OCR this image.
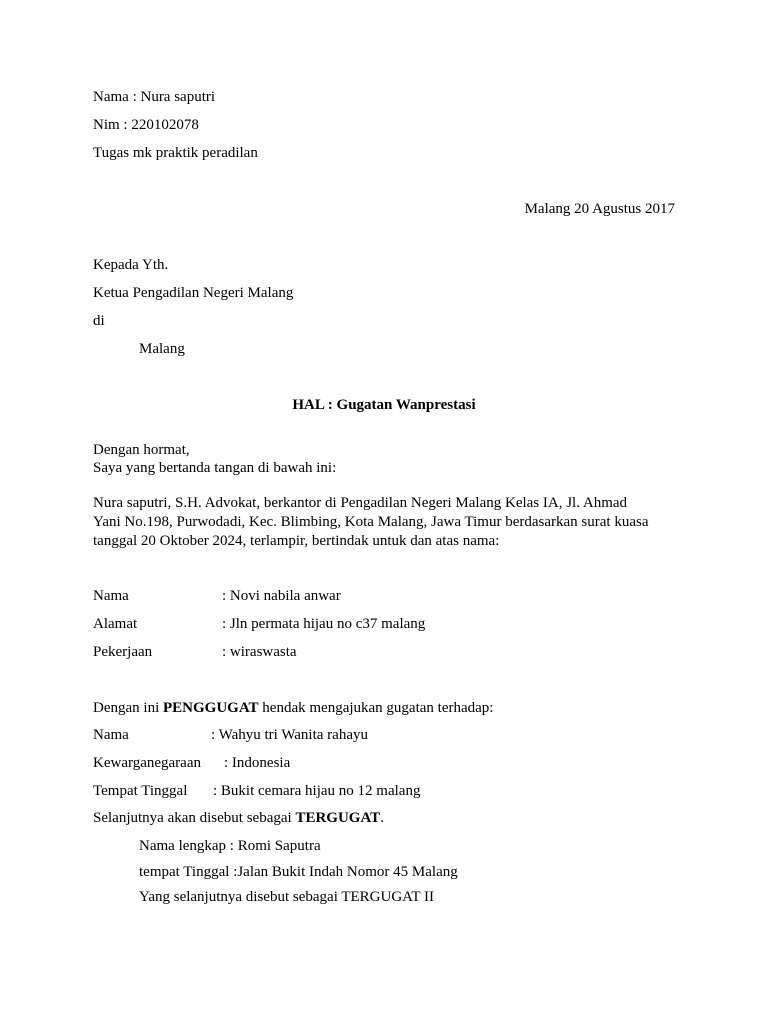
Nama : Nura saputri
Nim : 220102078
Tugas mk praktik peradilan
Malang 20 Agustus 2017
Kepada Yth.
Ketua Pengadilan Negeri Malang
di
Malang
HAL : Gugatan Wanprestasi
Dengan hormat,
Saya yang bertanda tangan di bawah ini:
Nura saputri, S.H. Advokat, berkantor di Pengadilan Negeri Malang Kelas IA, Jl. Ahmad
Yani No.198, Purwodadi, Kec. Blimbing, Kota Malang, Jawa Timur berdasarkan surat kuasa
tanggal 20 Oktober 2024, terlampir, bertindak untuk dan atas nama:
Nama	: Novi nabila anwar
Alamat	: Jln permata hijau no c37 malang
Pekerjaan	: wiraswasta
Dengan ini PENGGUGAT hendak mengajukan gugatan terhadap:
Nama	: Wahyu tri Wanita rahayu
Kewarganegaraan : Indonesia
Tempat Tinggal : Bukit cemara hijau no 12 malang
Selanjutnya akan disebut sebagai TERGUGAT.
Nama lengkap : Romi Saputra
tempat Tinggal :Jalan Bukit Indah Nomor 45 Malang
Yang selanjutnya disebut sebagai TERGUGAT II
